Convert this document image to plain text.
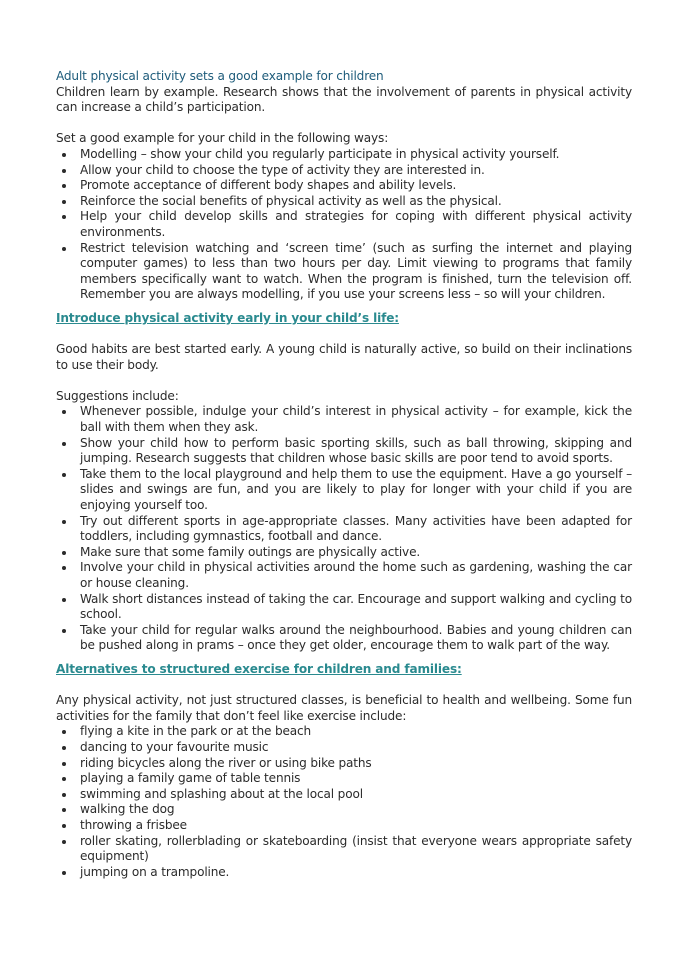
Adult physical activity sets a good example for children

Children learn by example. Research shows that the involvement of parents in physical activity can increase a child’s participation.

Set a good example for your child in the following ways:

Modelling – show your child you regularly participate in physical activity yourself.
Allow your child to choose the type of activity they are interested in.
Promote acceptance of different body shapes and ability levels.
Reinforce the social benefits of physical activity as well as the physical.
Help your child develop skills and strategies for coping with different physical activity environments.
Restrict television watching and ‘screen time’ (such as surfing the internet and playing computer games) to less than two hours per day. Limit viewing to programs that family members specifically want to watch. When the program is finished, turn the television off. Remember you are always modelling, if you use your screens less – so will your children.

Introduce physical activity early in your child’s life:

Good habits are best started early. A young child is naturally active, so build on their inclinations to use their body.

Suggestions include:

Whenever possible, indulge your child’s interest in physical activity – for example, kick the ball with them when they ask.
Show your child how to perform basic sporting skills, such as ball throwing, skipping and jumping. Research suggests that children whose basic skills are poor tend to avoid sports.
Take them to the local playground and help them to use the equipment. Have a go yourself – slides and swings are fun, and you are likely to play for longer with your child if you are enjoying yourself too.
Try out different sports in age-appropriate classes. Many activities have been adapted for toddlers, including gymnastics, football and dance.
Make sure that some family outings are physically active.
Involve your child in physical activities around the home such as gardening, washing the car or house cleaning.
Walk short distances instead of taking the car. Encourage and support walking and cycling to school.
Take your child for regular walks around the neighbourhood. Babies and young children can be pushed along in prams – once they get older, encourage them to walk part of the way.

Alternatives to structured exercise for children and families:

Any physical activity, not just structured classes, is beneficial to health and wellbeing. Some fun activities for the family that don’t feel like exercise include:

flying a kite in the park or at the beach
dancing to your favourite music
riding bicycles along the river or using bike paths
playing a family game of table tennis
swimming and splashing about at the local pool
walking the dog
throwing a frisbee
roller skating, rollerblading or skateboarding (insist that everyone wears appropriate safety equipment)
jumping on a trampoline.
